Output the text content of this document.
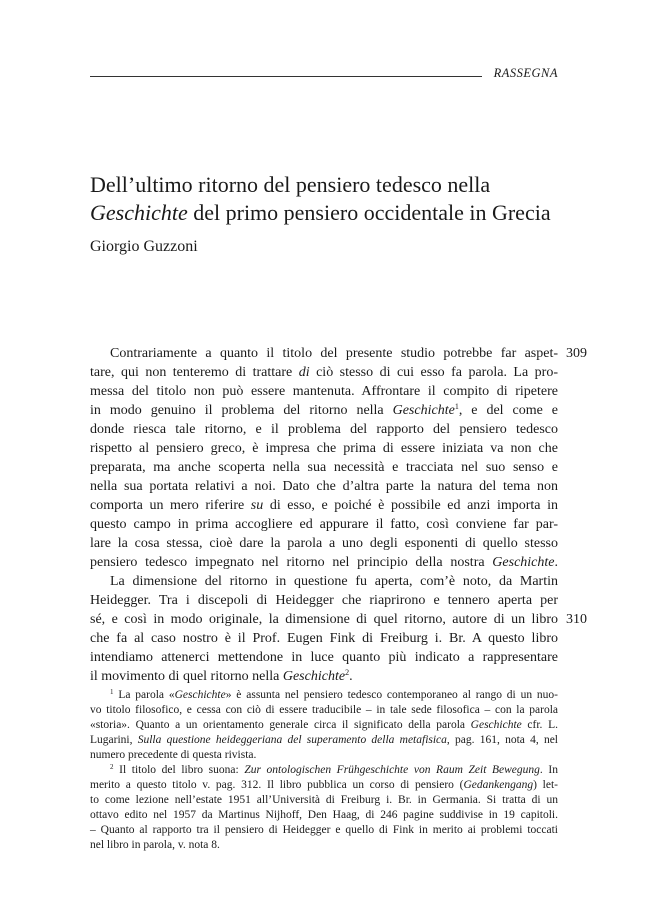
RASSEGNA
Dell’ultimo ritorno del pensiero tedesco nella
Geschichte del primo pensiero occidentale in Grecia

Giorgio Guzzoni

309
310
Contrariamente a quanto il titolo del presente studio potrebbe far aspet-
tare, qui non tenteremo di trattare di ciò stesso di cui esso fa parola. La pro-
messa del titolo non può essere mantenuta. Affrontare il compito di ripetere
in modo genuino il problema del ritorno nella Geschichte$^1$, e del come e
donde riesca tale ritorno, e il problema del rapporto del pensiero tedesco
rispetto al pensiero greco, è impresa che prima di essere iniziata va non che
preparata, ma anche scoperta nella sua necessità e tracciata nel suo senso e
nella sua portata relativi a noi. Dato che d’altra parte la natura del tema non
comporta un mero riferire su di esso, e poiché è possibile ed anzi importa in
questo campo in prima accogliere ed appurare il fatto, così conviene far par-
lare la cosa stessa, cioè dare la parola a uno degli esponenti di quello stesso
pensiero tedesco impegnato nel ritorno nel principio della nostra Geschichte.
La dimensione del ritorno in questione fu aperta, com’è noto, da Martin
Heidegger. Tra i discepoli di Heidegger che riaprirono e tennero aperta per
sé, e così in modo originale, la dimensione di quel ritorno, autore di un libro
che fa al caso nostro è il Prof. Eugen Fink di Freiburg i. Br. A questo libro
intendiamo attenerci mettendone in luce quanto più indicato a rappresentare
il movimento di quel ritorno nella Geschichte$^2$.
$^1$ La parola «Geschichte» è assunta nel pensiero tedesco contemporaneo al rango di un nuo-
vo titolo filosofico, e cessa con ciò di essere traducibile – in tale sede filosofica – con la parola
«storia». Quanto a un orientamento generale circa il significato della parola Geschichte cfr. L.
Lugarini, Sulla questione heideggeriana del superamento della metafisica, pag. 161, nota 4, nel
numero precedente di questa rivista.
$^2$ Il titolo del libro suona: Zur ontologischen Frühgeschichte von Raum Zeit Bewegung. In
merito a questo titolo v. pag. 312. Il libro pubblica un corso di pensiero (Gedankengang) let-
to come lezione nell’estate 1951 all’Università di Freiburg i. Br. in Germania. Si tratta di un
ottavo edito nel 1957 da Martinus Nijhoff, Den Haag, di 246 pagine suddivise in 19 capitoli.
– Quanto al rapporto tra il pensiero di Heidegger e quello di Fink in merito ai problemi toccati
nel libro in parola, v. nota 8.
